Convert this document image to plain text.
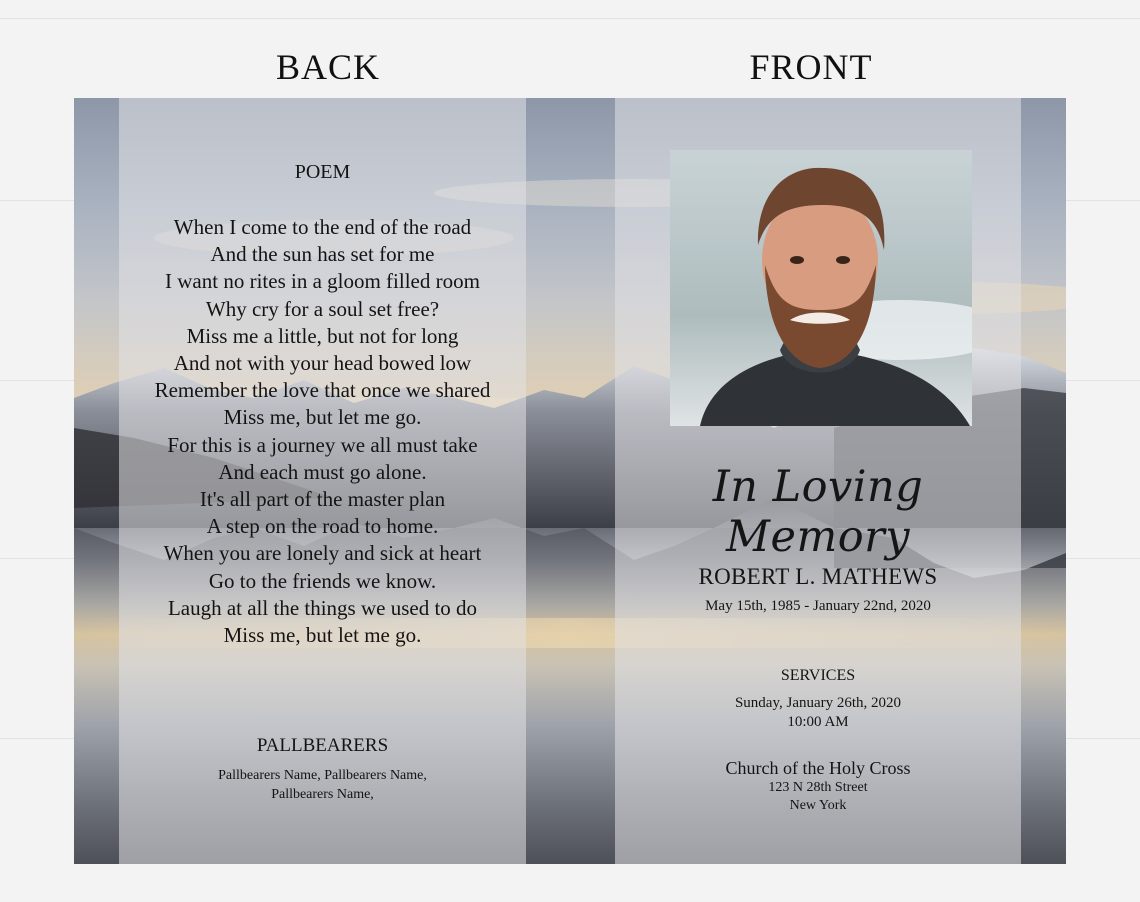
BACK	FRONT
POEM
When I come to the end of the road
And the sun has set for me
I want no rites in a gloom filled room
Why cry for a soul set free?
Miss me a little, but not for long
And not with your head bowed low
Remember the love that once we shared
Miss me, but let me go.
For this is a journey we all must take
And each must go alone.
It's all part of the master plan
A step on the road to home.
When you are lonely and sick at heart
Go to the friends we know.
Laugh at all the things we used to do
Miss me, but let me go.
PALLBEARERS
Pallbearers Name, Pallbearers Name,
Pallbearers Name,
In Loving Memory
ROBERT L. MATHEWS
May 15th, 1985 - January 22nd, 2020
SERVICES
Sunday, January 26th, 2020
10:00 AM
Church of the Holy Cross
123 N 28th Street
New York
